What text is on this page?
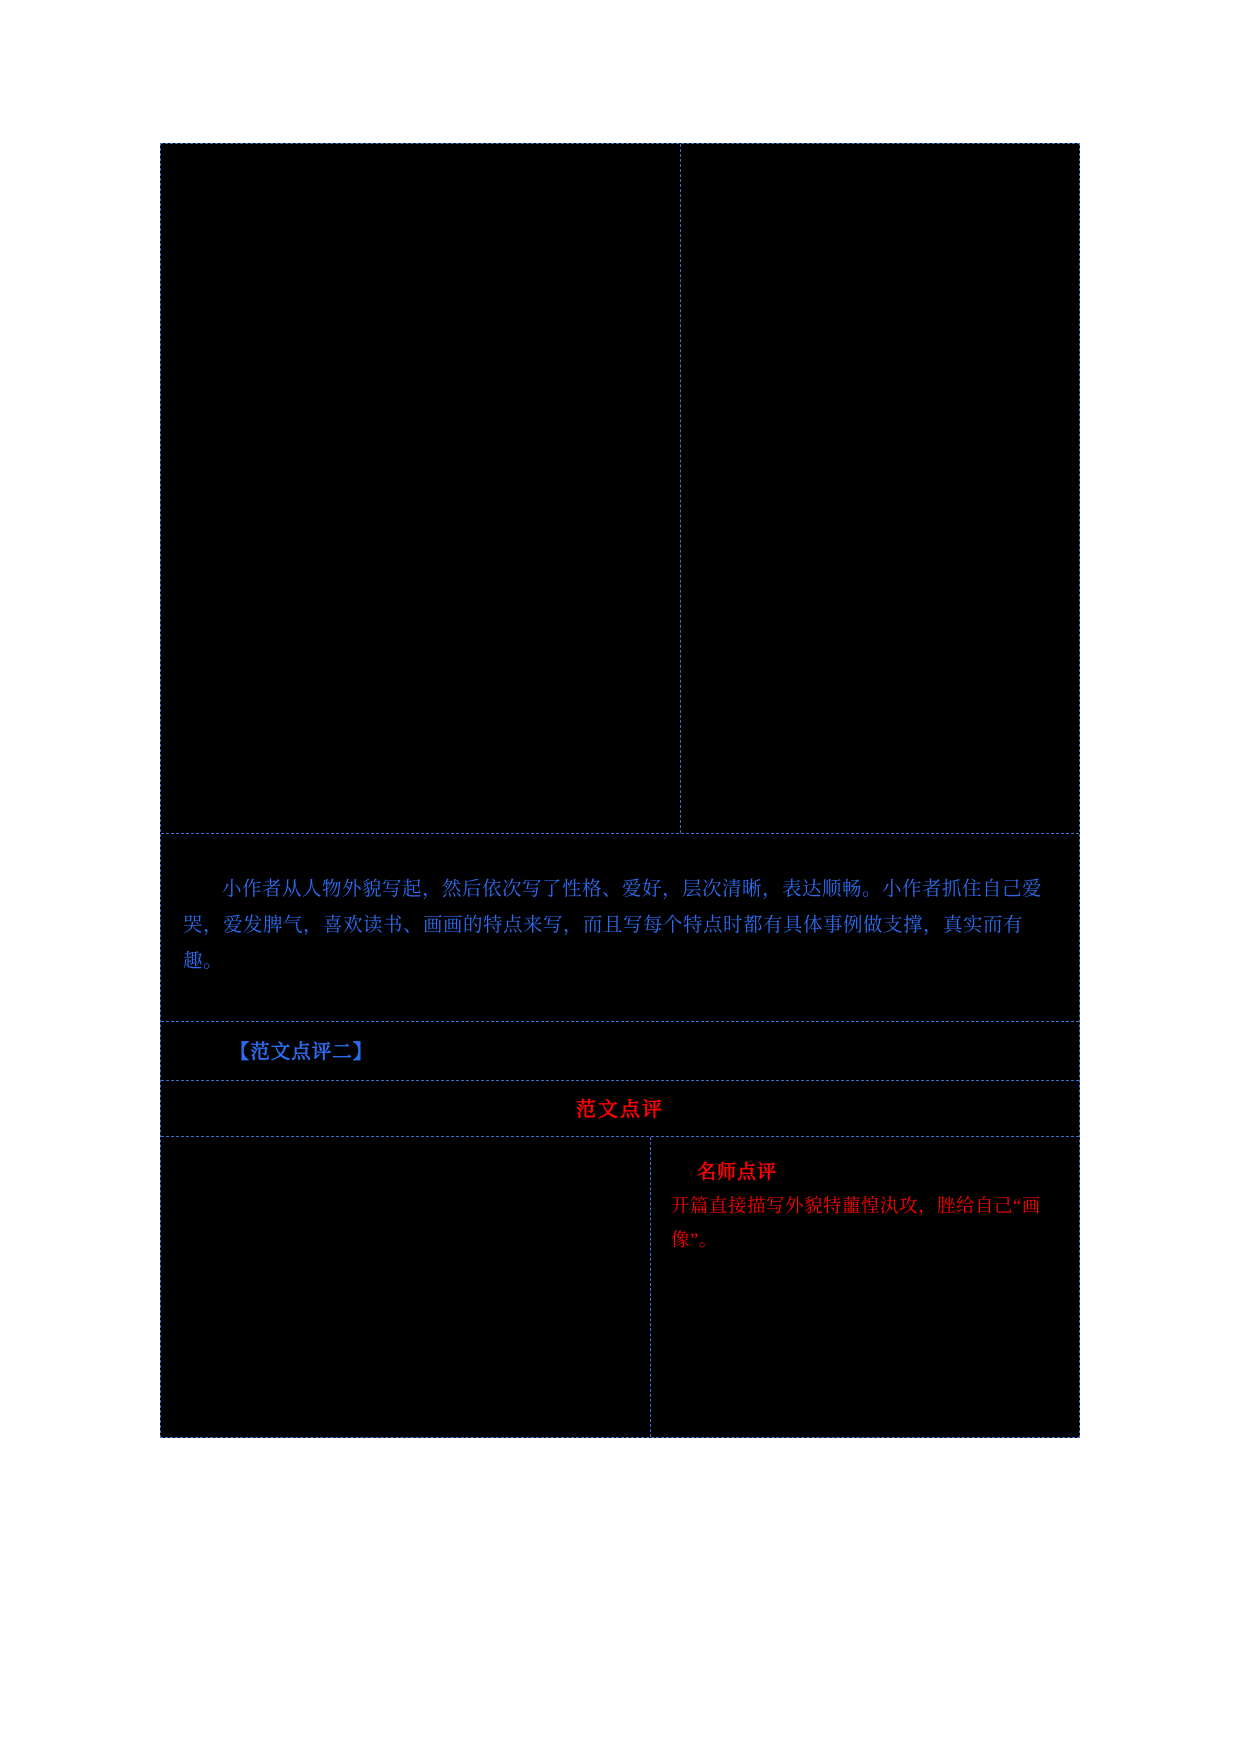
小作者从人物外貌写起，然后依次写了性格、爱好，层次清晰，表达顺畅。小作者抓住自己爱哭，爱发脾气，喜欢读书、画画的特点来写，而且写每个特点时都有具体事例做支撑，真实而有趣。

【范文点评二】
范文点评
名师点评
开篇直接描写外貌特蘁惶汍攻，脞给自己“画像”。
